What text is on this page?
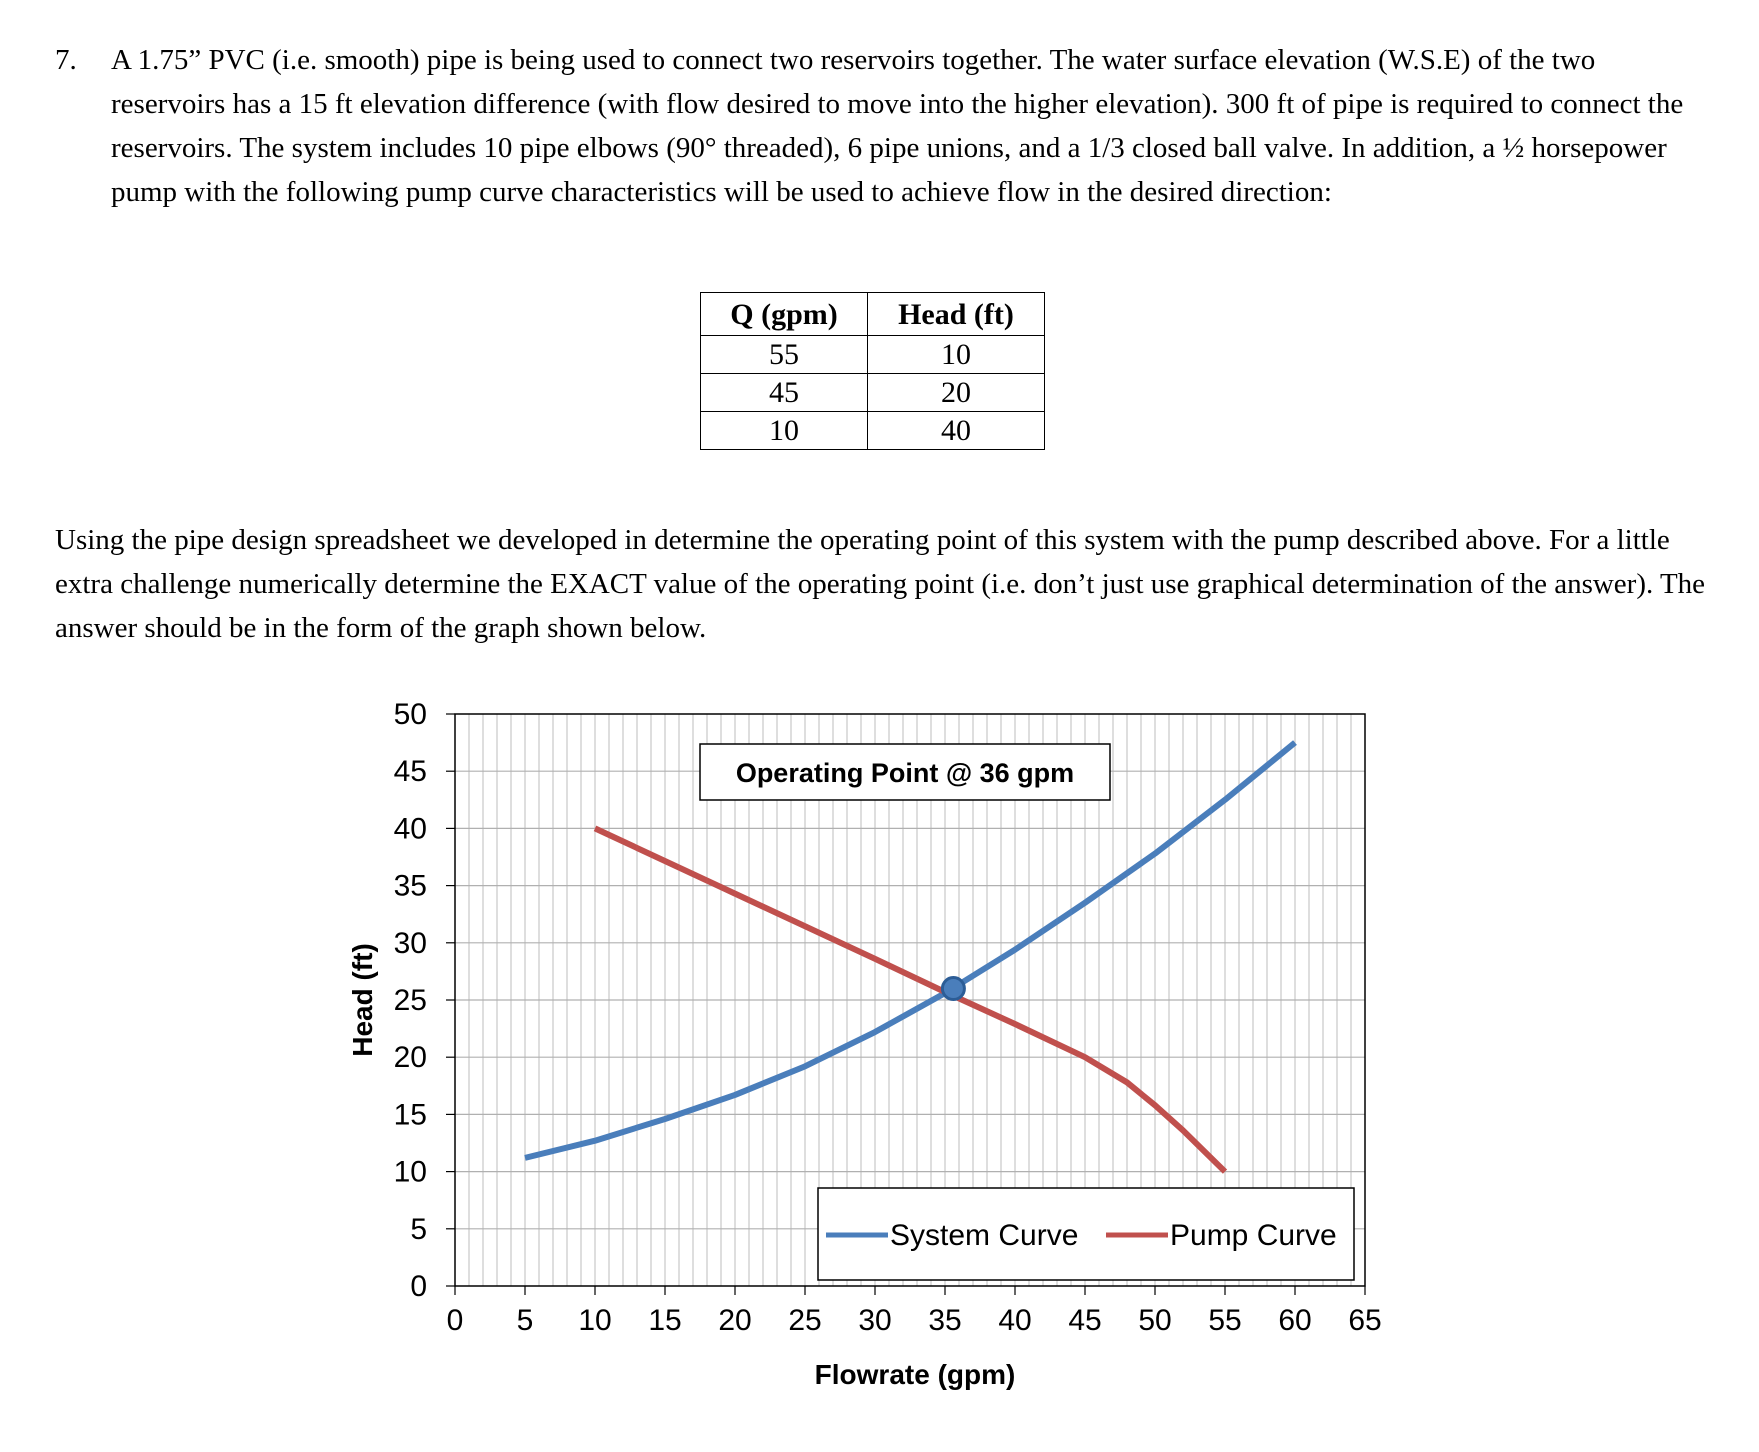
7. A 1.75” PVC (i.e. smooth) pipe is being used to connect two reservoirs together. The water surface elevation (W.S.E) of the two reservoirs has a 15 ft elevation difference (with flow desired to move into the higher elevation). 300 ft of pipe is required to connect the reservoirs. The system includes 10 pipe elbows (90° threaded), 6 pipe unions, and a 1/3 closed ball valve. In addition, a ½ horsepower pump with the following pump curve characteristics will be used to achieve flow in the desired direction:
Q (gpm)	Head (ft)
55	10
45	20
10	40
Using the pipe design spreadsheet we developed in determine the operating point of this system with the pump described above. For a little extra challenge numerically determine the EXACT value of the operating point (i.e. don’t just use graphical determination of the answer). The answer should be in the form of the graph shown below.
0
5
10
15
20
25
30
35
40
45
50
0 5 10 15 20 25 30 35 40 45 50 55 60 65
Operating Point @ 36 gpm
System Curve	Pump Curve
Flowrate (gpm)
Head (ft)
